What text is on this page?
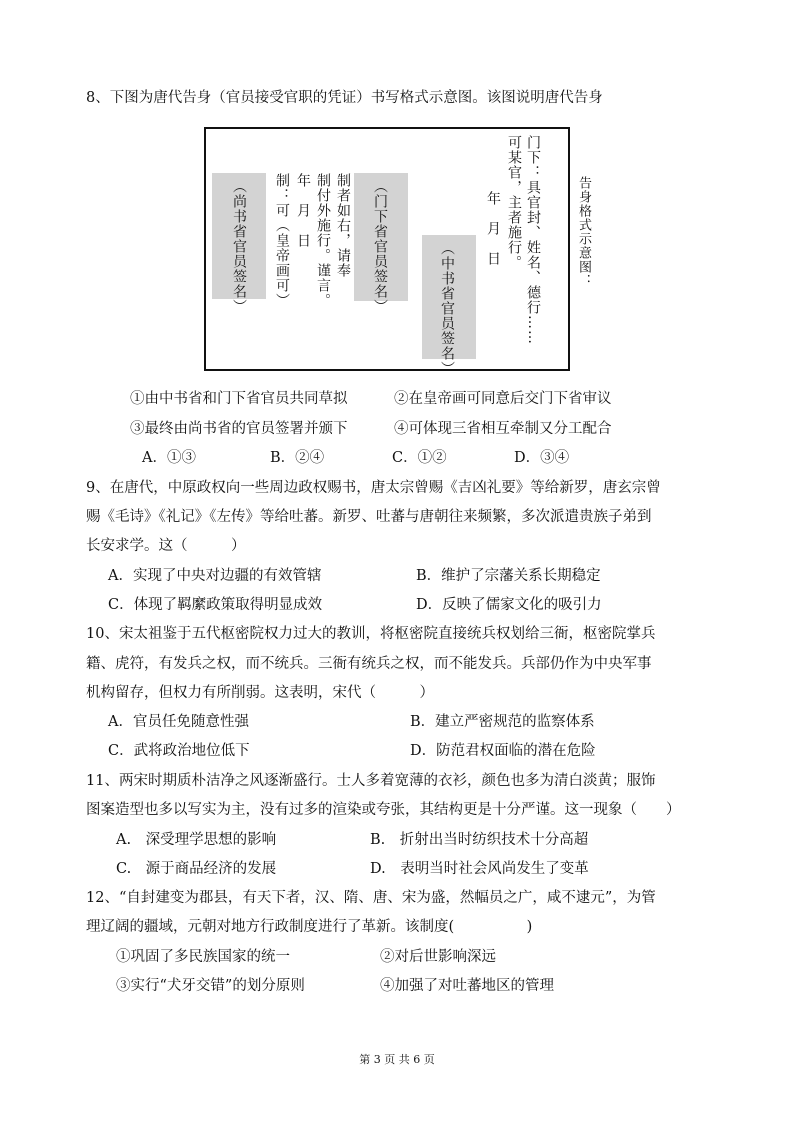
8、下图为唐代告身（官员接受官职的凭证）书写格式示意图。该图说明唐代告身
门下：具官封、姓名、德行……
可某官，主者施行。
年　月　日
（中书省官员签名）
（门下省官员签名）
制者如右，请奉
制付外施行。谨言。
年　月　日
制：可（皇帝画可）
（尚书省官员签名）	告身格式示意图：
①由中书省和门下省官员共同草拟	②在皇帝画可同意后交门下省审议
③最终由尚书省的官员签署并颁下	④可体现三省相互牵制又分工配合
A．①③	B．②④	C．①②	D．③④
9、在唐代，中原政权向一些周边政权赐书，唐太宗曾赐《吉凶礼要》等给新罗，唐玄宗曾
赐《毛诗》《礼记》《左传》等给吐蕃。新罗、吐蕃与唐朝往来频繁，多次派遣贵族子弟到
长安求学。这（　　　）
A．实现了中央对边疆的有效管辖	B．维护了宗藩关系长期稳定
C．体现了羁縻政策取得明显成效	D．反映了儒家文化的吸引力
10、宋太祖鉴于五代枢密院权力过大的教训，将枢密院直接统兵权划给三衙，枢密院掌兵
籍、虎符，有发兵之权，而不统兵。三衙有统兵之权，而不能发兵。兵部仍作为中央军事
机构留存，但权力有所削弱。这表明，宋代（　　　）
A．官员任免随意性强	B．建立严密规范的监察体系
C．武将政治地位低下	D．防范君权面临的潜在危险
11、两宋时期质朴洁净之风逐渐盛行。士人多着宽薄的衣衫，颜色也多为清白淡黄；服饰
图案造型也多以写实为主，没有过多的渲染或夸张，其结构更是十分严谨。这一现象（　　）
A.　深受理学思想的影响	B.　折射出当时纺织技术十分高超
C.　源于商品经济的发展	D.　表明当时社会风尚发生了变革
12、“自封建变为郡县，有天下者，汉、隋、唐、宋为盛，然幅员之广，咸不逮元”，为管
理辽阔的疆域，元朝对地方行政制度进行了革新。该制度(　　　　　)
①巩固了多民族国家的统一	②对后世影响深远
③实行“犬牙交错”的划分原则	④加强了对吐蕃地区的管理
第 3 页 共 6 页
